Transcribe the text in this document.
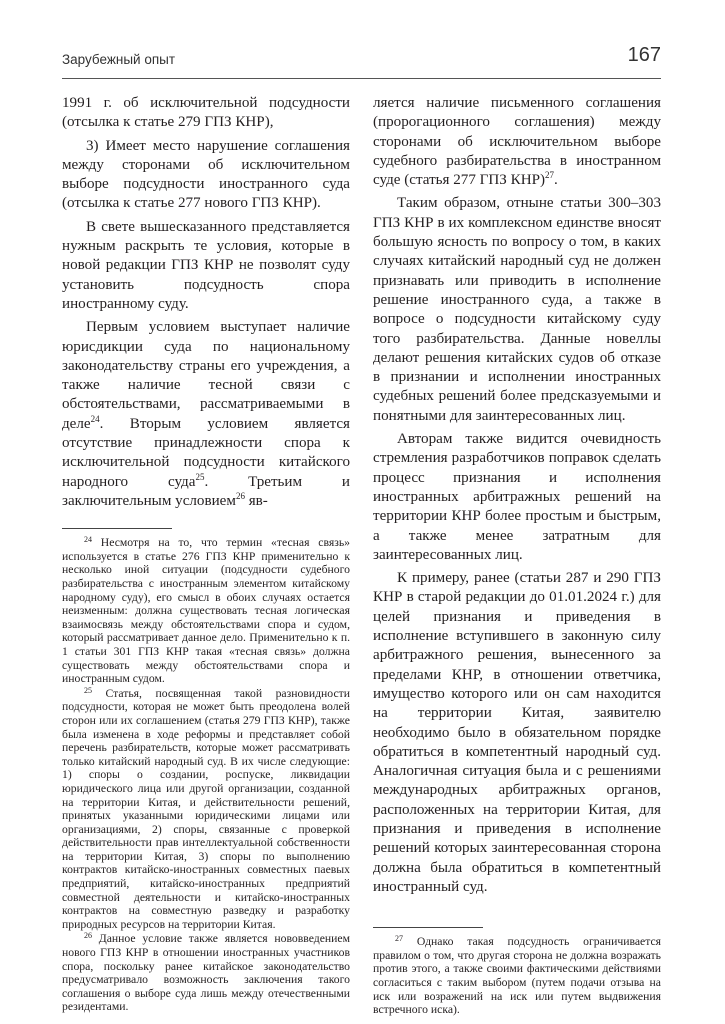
Зарубежный опыт	167

1991 г. об исключительной подсудности (отсылка к статье 279 ГПЗ КНР),

3) Имеет место нарушение соглашения между сторонами об исключительном выборе подсудности иностранного суда (отсылка к статье 277 нового ГПЗ КНР).

В свете вышесказанного представляется нужным раскрыть те условия, которые в новой редакции ГПЗ КНР не позволят суду установить подсудность спора иностранному суду.

Первым условием выступает наличие юрисдикции суда по национальному законодательству страны его учреждения, а также наличие тесной связи с обстоятельствами, рассматриваемыми в деле$^{24}$. Вторым условием является отсутствие принадлежности спора к исключительной подсудности китайского народного суда$^{25}$. Третьим и заключительным условием$^{26}$ яв-

$^{24}$ Несмотря на то, что термин «тесная связь» используется в статье 276 ГПЗ КНР применительно к несколько иной ситуации (подсудности судебного разбирательства с иностранным элементом китайскому народному суду), его смысл в обоих случаях остается неизменным: должна существовать тесная логическая взаимосвязь между обстоятельствами спора и судом, который рассматривает данное дело. Применительно к п. 1 статьи 301 ГПЗ КНР такая «тесная связь» должна существовать между обстоятельствами спора и иностранным судом.

$^{25}$ Статья, посвященная такой разновидности подсудности, которая не может быть преодолена волей сторон или их соглашением (статья 279 ГПЗ КНР), также была изменена в ходе реформы и представляет собой перечень разбирательств, которые может рассматривать только китайский народный суд. В их числе следующие: 1) споры о создании, роспуске, ликвидации юридического лица или другой организации, созданной на территории Китая, и действительности решений, принятых указанными юридическими лицами или организациями, 2) споры, связанные с проверкой действительности прав интеллектуальной собственности на территории Китая, 3) споры по выполнению контрактов китайско-иностранных совместных паевых предприятий, китайско-иностранных предприятий совместной деятельности и китайско-иностранных контрактов на совместную разведку и разработку природных ресурсов на территории Китая.

$^{26}$ Данное условие также является нововведением нового ГПЗ КНР в отношении иностранных участников спора, поскольку ранее китайское законодательство предусматривало возможность заключения такого соглашения о выборе суда лишь между отечественными резидентами.

ляется наличие письменного соглашения (пророгационного соглашения) между сторонами об исключительном выборе судебного разбирательства в иностранном суде (статья 277 ГПЗ КНР)$^{27}$.

Таким образом, отныне статьи 300–303 ГПЗ КНР в их комплексном единстве вносят большую ясность по вопросу о том, в каких случаях китайский народный суд не должен признавать или приводить в исполнение решение иностранного суда, а также в вопросе о подсудности китайскому суду того разбирательства. Данные новеллы делают решения китайских судов об отказе в признании и исполнении иностранных судебных решений более предсказуемыми и понятными для заинтересованных лиц.

Авторам также видится очевидность стремления разработчиков поправок сделать процесс признания и исполнения иностранных арбитражных решений на территории КНР более простым и быстрым, а также менее затратным для заинтересованных лиц.

К примеру, ранее (статьи 287 и 290 ГПЗ КНР в старой редакции до 01.01.2024 г.) для целей признания и приведения в исполнение вступившего в законную силу арбитражного решения, вынесенного за пределами КНР, в отношении ответчика, имущество которого или он сам находится на территории Китая, заявителю необходимо было в обязательном порядке обратиться в компетентный народный суд. Аналогичная ситуация была и с решениями международных арбитражных органов, расположенных на территории Китая, для признания и приведения в исполнение решений которых заинтересованная сторона должна была обратиться в компетентный иностранный суд.

$^{27}$ Однако такая подсудность ограничивается правилом о том, что другая сторона не должна возражать против этого, а также своими фактическими действиями согласиться с таким выбором (путем подачи отзыва на иск или возражений на иск или путем выдвижения встречного иска).
